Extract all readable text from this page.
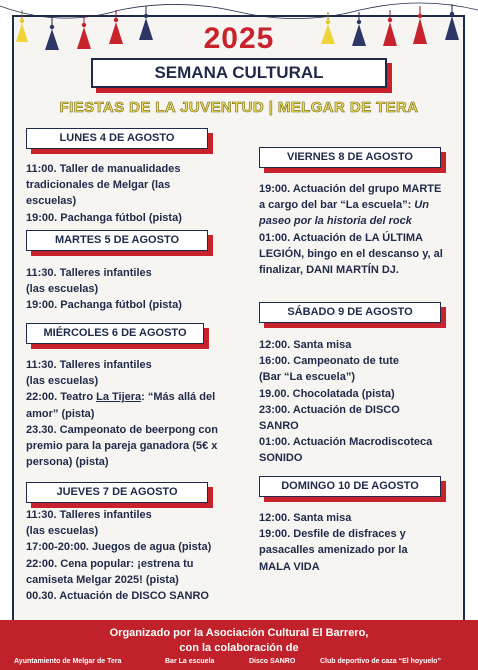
2025
SEMANA CULTURAL
FIESTAS DE LA JUVENTUD | MELGAR DE TERA
LUNES 4 DE AGOSTO

11:00. Taller de manualidades

tradicionales de Melgar (las

escuelas)

19:00. Pachanga fútbol (pista)

MARTES 5 DE AGOSTO

11:30. Talleres infantiles

(las escuelas)

19:00. Pachanga fútbol (pista)

MIÉRCOLES 6 DE AGOSTO

11:30. Talleres infantiles

(las escuelas)

22:00. Teatro La Tijera: “Más allá del

amor” (pista)

23.30. Campeonato de beerpong con

premio para la pareja ganadora (5€ x

persona) (pista)

JUEVES 7 DE AGOSTO

11:30. Talleres infantiles

(las escuelas)

17:00-20:00. Juegos de agua (pista)

22:00. Cena popular: ¡estrena tu

camiseta Melgar 2025! (pista)

00.30. Actuación de DISCO SANRO

VIERNES 8 DE AGOSTO

19:00. Actuación del grupo MARTE

a cargo del bar “La escuela”: Un

paseo por la historia del rock

01:00. Actuación de LA ÚLTIMA

LEGIÓN, bingo en el descanso y, al

finalizar, DANI MARTÍN DJ.

SÁBADO 9 DE AGOSTO

12:00. Santa misa

16:00. Campeonato de tute

(Bar “La escuela”)

19.00. Chocolatada (pista)

23:00. Actuación de DISCO

SANRO

01:00. Actuación Macrodiscoteca

SONIDO

DOMINGO 10 DE AGOSTO

12:00. Santa misa

19:00. Desfile de disfraces y

pasacalles amenizado por la

MALA VIDA

Organizado por la Asociación Cultural El Barrero,
con la colaboración de
Ayuntamiento de Melgar de Tera	Bar La escuela	Disco SANRO	Club deportivo de caza “El hoyuelo”
